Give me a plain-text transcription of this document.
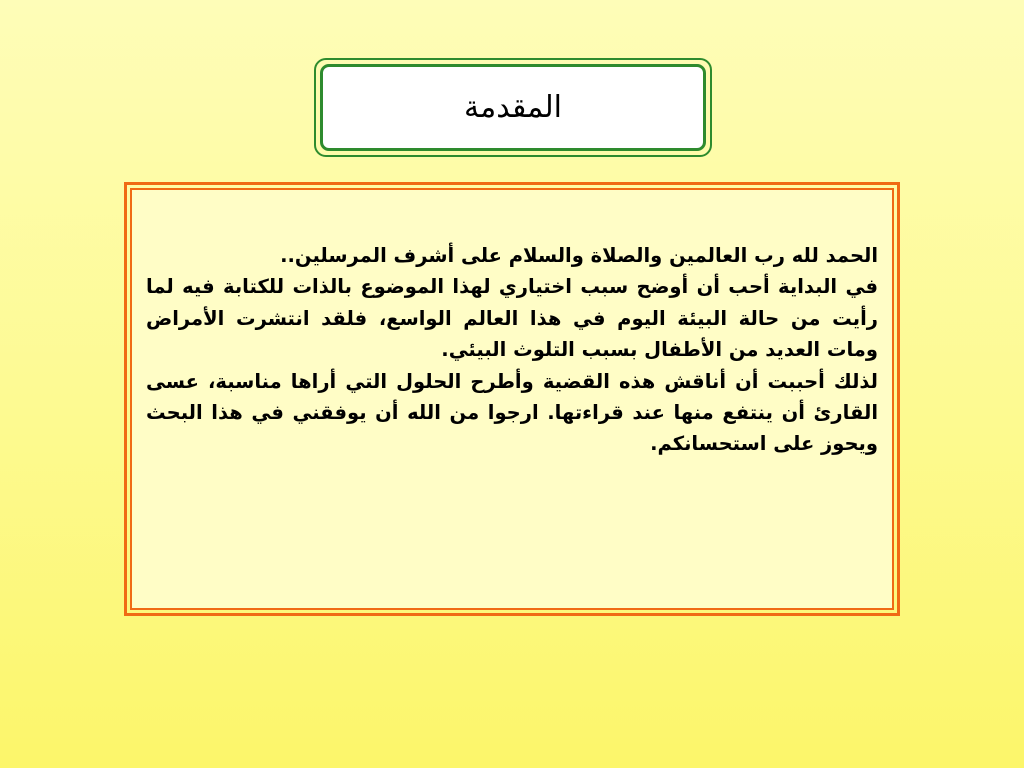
المقدمة

الحمد لله رب العالمين والصلاة والسلام على أشرف المرسلين..

في البداية أحب أن أوضح سبب اختياري لهذا الموضوع بالذات للكتابة فيه لما رأيت من حالة البيئة اليوم في هذا العالم الواسع، فلقد انتشرت الأمراض ومات العديد من الأطفال بسبب التلوث البيئي.

لذلك أحببت أن أناقش هذه القضية وأطرح الحلول التي أراها مناسبة، عسى القارئ أن ينتفع منها عند قراءتها. ارجوا من الله أن يوفقني في هذا البحث ويحوز على استحسانكم.
